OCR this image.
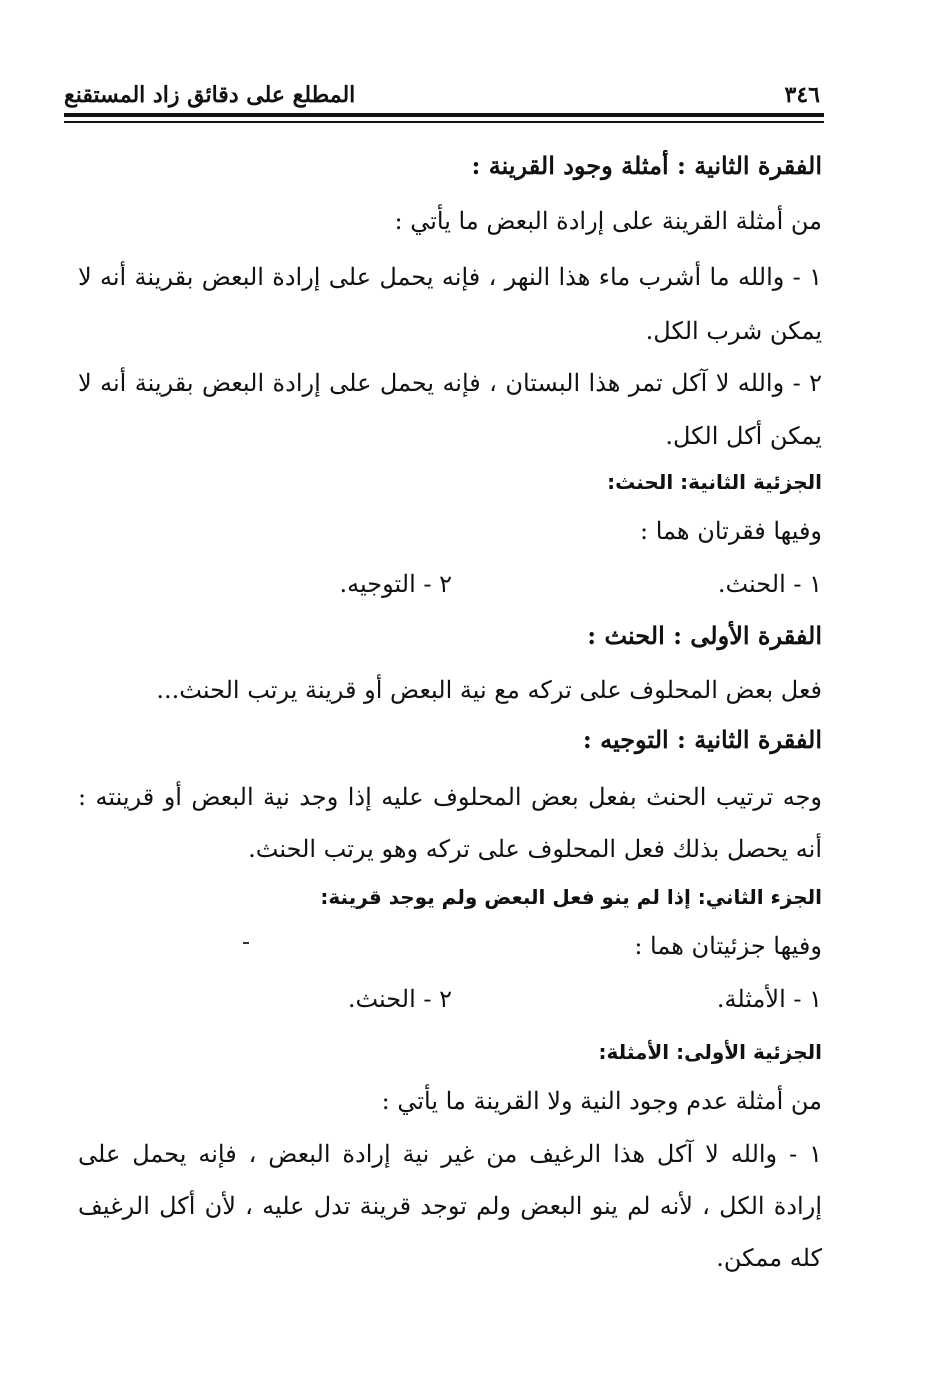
٣٤٦
المطلع على دقائق زاد المستقنع
الفقرة الثانية : أمثلة وجود القرينة :
من أمثلة القرينة على إرادة البعض ما يأتي :
١ - والله ما أشرب ماء هذا النهر ، فإنه يحمل على إرادة البعض بقرينة أنه لا
يمكن شرب الكل.
٢ - والله لا آكل تمر هذا البستان ، فإنه يحمل على إرادة البعض بقرينة أنه لا
يمكن أكل الكل.
الجزئية الثانية: الحنث:
وفيها فقرتان هما :
١ - الحنث.
٢ - التوجيه.
الفقرة الأولى : الحنث :
فعل بعض المحلوف على تركه مع نية البعض أو قرينة يرتب الحنث...
الفقرة الثانية : التوجيه :
وجه ترتيب الحنث بفعل بعض المحلوف عليه إذا وجد نية البعض أو قرينته :
أنه يحصل بذلك فعل المحلوف على تركه وهو يرتب الحنث.
الجزء الثاني: إذا لم ينو فعل البعض ولم يوجد قرينة:
وفيها جزئيتان هما :
١ - الأمثلة.
٢ - الحنث.
الجزئية الأولى: الأمثلة:
من أمثلة عدم وجود النية ولا القرينة ما يأتي :
١ - والله لا آكل هذا الرغيف من غير نية إرادة البعض ، فإنه يحمل على
إرادة الكل ، لأنه لم ينو البعض ولم توجد قرينة تدل عليه ، لأن أكل الرغيف
كله ممكن.
